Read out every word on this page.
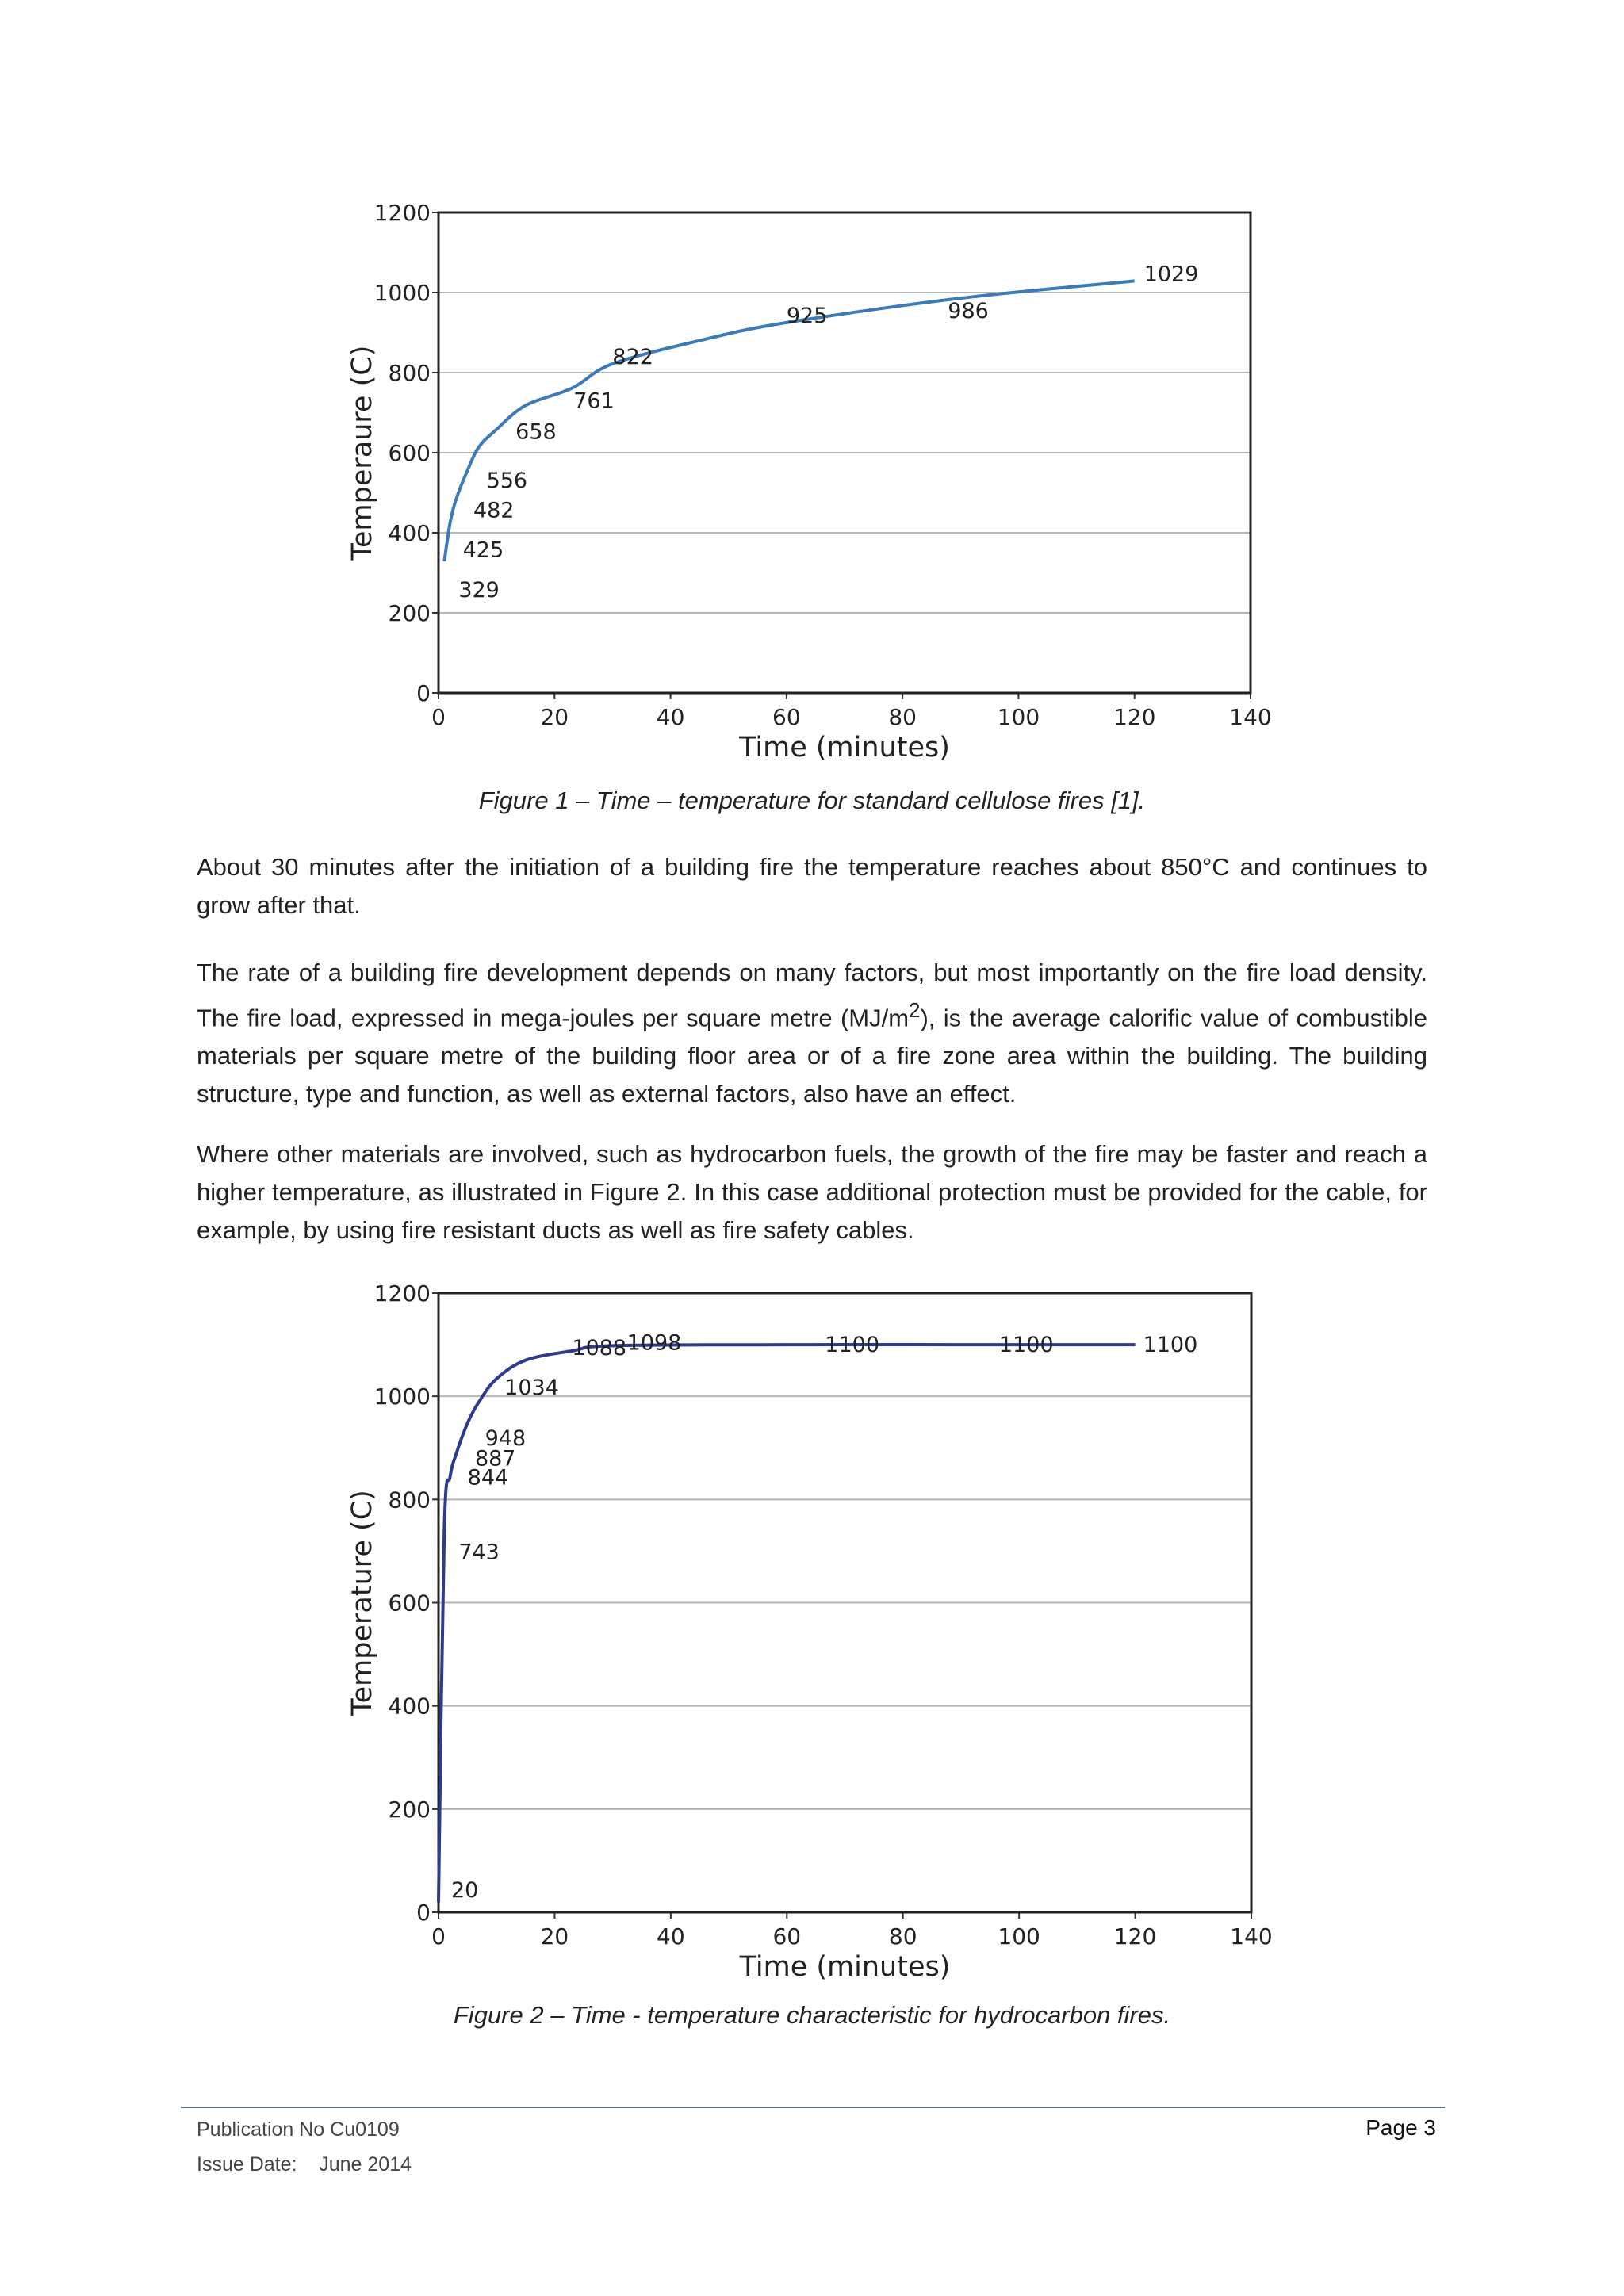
0
200
400
600
800
1000
1200
0	20	40	60	80	100	120	140
Time (minutes)
Temperaure (C)
329
425
482
556
658
761
822
925	986
1029
Figure 1 – Time – temperature for standard cellulose fires [1].

About 30 minutes after the initiation of a building fire the temperature reaches about 850°C and continues to grow after that.

The rate of a building fire development depends on many factors, but most importantly on the fire load density. The fire load, expressed in mega-joules per square metre $(MJ/m^2)$, is the average calorific value of combustible materials per square metre of the building floor area or of a fire zone area within the building. The building structure, type and function, as well as external factors, also have an effect.

Where other materials are involved, such as hydrocarbon fuels, the growth of the fire may be faster and reach a higher temperature, as illustrated in Figure 2. In this case additional protection must be provided for the cable, for example, by using fire resistant ducts as well as fire safety cables.

0
200
400
600
800
1000
1200
0	20	40	60	80	100	120	140
Time (minutes)
Temperature (C)
20
743
844
887
948
1034
1088 1098	1100	1100	1100
Figure 2 – Time - temperature characteristic for hydrocarbon fires.
Publication No Cu0109
Issue Date: June 2014
Page 3
